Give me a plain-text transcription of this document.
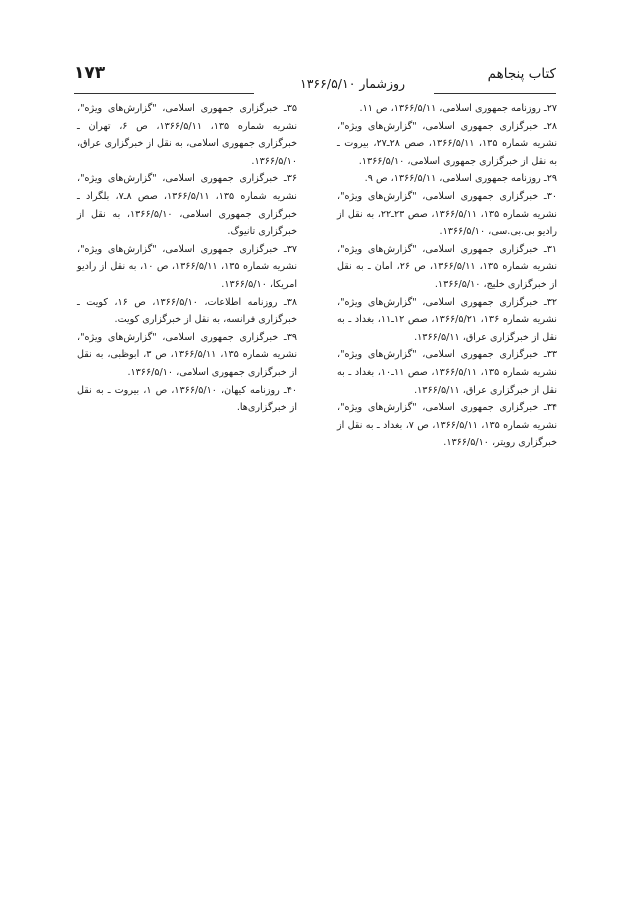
کتاب پنجاهم
روزشمار ۱۳۶۶/۵/۱۰
۱۷۳

۲۷ـ روزنامه جمهوری اسلامی، ۱۳۶۶/۵/۱۱، ص ۱۱.

۲۸ـ خبرگزاری جمهوری اسلامی، "گزارش‌های ویژه"، نشریه شماره ۱۳۵، ۱۳۶۶/۵/۱۱، صص ۲۸ـ۲۷، بیروت ـ به نقل از خبرگزاری جمهوری اسلامی، ۱۳۶۶/۵/۱۰.

۲۹ـ روزنامه جمهوری اسلامی، ۱۳۶۶/۵/۱۱، ص ۹.

۳۰ـ خبرگزاری جمهوری اسلامی، "گزارش‌های ویژه"، نشریه شماره ۱۳۵، ۱۳۶۶/۵/۱۱، صص ۲۳ـ۲۲، به نقل از رادیو بی.بی.سی، ۱۳۶۶/۵/۱۰.

۳۱ـ خبرگزاری جمهوری اسلامی، "گزارش‌های ویژه"، نشریه شماره ۱۳۵، ۱۳۶۶/۵/۱۱، ص ۲۶، امان ـ به نقل از خبرگزاری خلیج، ۱۳۶۶/۵/۱۰.

۳۲ـ خبرگزاری جمهوری اسلامی، "گزارش‌های ویژه"، نشریه شماره ۱۳۶، ۱۳۶۶/۵/۲۱، صص ۱۲ـ۱۱، بغداد ـ به نقل از خبرگزاری عراق، ۱۳۶۶/۵/۱۱.

۳۳ـ خبرگزاری جمهوری اسلامی، "گزارش‌های ویژه"، نشریه شماره ۱۳۵، ۱۳۶۶/۵/۱۱، صص ۱۱ـ۱۰، بغداد ـ به نقل از خبرگزاری عراق، ۱۳۶۶/۵/۱۱.

۳۴ـ خبرگزاری جمهوری اسلامی، "گزارش‌های ویژه"، نشریه شماره ۱۳۵، ۱۳۶۶/۵/۱۱، ص ۷، بغداد ـ به نقل از خبرگزاری رویتر، ۱۳۶۶/۵/۱۰.

۳۵ـ خبرگزاری جمهوری اسلامی، "گزارش‌های ویژه"، نشریه شماره ۱۳۵، ۱۳۶۶/۵/۱۱، ص ۶، تهران ـ خبرگزاری جمهوری اسلامی، به نقل از خبرگزاری عراق، ۱۳۶۶/۵/۱۰.

۳۶ـ خبرگزاری جمهوری اسلامی، "گزارش‌های ویژه"، نشریه شماره ۱۳۵، ۱۳۶۶/۵/۱۱، صص ۸ـ۷، بلگراد ـ خبرگزاری جمهوری اسلامی، ۱۳۶۶/۵/۱۰، به نقل از خبرگزاری تانیوگ.

۳۷ـ خبرگزاری جمهوری اسلامی، "گزارش‌های ویژه"، نشریه شماره ۱۳۵، ۱۳۶۶/۵/۱۱، ص ۱۰، به نقل از رادیو امریکا، ۱۳۶۶/۵/۱۰.

۳۸ـ روزنامه اطلاعات، ۱۳۶۶/۵/۱۰، ص ۱۶، کویت ـ خبرگزاری فرانسه، به نقل از خبرگزاری کویت.

۳۹ـ خبرگزاری جمهوری اسلامی، "گزارش‌های ویژه"، نشریه شماره ۱۳۵، ۱۳۶۶/۵/۱۱، ص ۳، ابوظبی، به نقل از خبرگزاری جمهوری اسلامی، ۱۳۶۶/۵/۱۰.

۴۰ـ روزنامه کیهان، ۱۳۶۶/۵/۱۰، ص ۱، بیروت ـ به نقل از خبرگزاری‌ها.
